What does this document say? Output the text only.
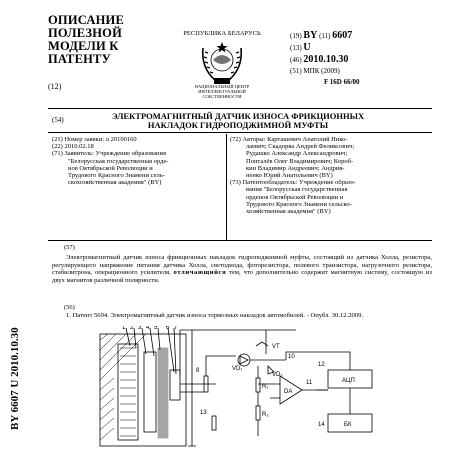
ОПИСАНИЕ
ПОЛЕЗНОЙ
МОДЕЛИ К
ПАТЕНТУ
(12)
РЕСПУБЛИКА БЕЛАРУСЬ
НАЦИОНАЛЬНЫЙ ЦЕНТР
ИНТЕЛЛЕКТУАЛЬНОЙ
СОБСТВЕННОСТИ
(19) BY (11) 6607
(13) U
(46) 2010.10.30
(51) МПК (2009)
F 16D 66/00
(54)	ЭЛЕКТРОМАГНИТНЫЙ ДАТЧИК ИЗНОСА ФРИКЦИОННЫХ
НАКЛАДОК ГИДРОПОДЖИМНОЙ МУФТЫ
(21) Номер заявки: u 20100160
(22) 2010.02.18
(71) Заявитель: Учреждение образования
"Белорусская государственная орде-
нов Октябрьской Революции и
Трудового Красного Знамени сель-
скохозяйственная академия" (BY)
(72) Авторы: Карташевич Анатолий Нико-
лаевич; Скадорва Андрей Феликсович;
Рудашко Александр Александрович;
Понталёв Олег Владимирович; Короб-
кин Владимир Андреевич; Андрия-
ненко Юрий Анатольевич (BY)
(73) Патентообладатель: Учреждение образо-
вания "Белорусская государственная
орденов Октябрьской Революции и
Трудового Красного Знамени сельско-
хозяйственная академия" (BY)
(57)
Электромагнитный датчик износа фрикционных накладок гидроподжимной муфты, состоящий из датчика Холла, резистора, регулирующего напряжение питания датчика Холла, светодиода, фоторезистора, полевого транзистора, нагрузочного резистора, стабилитрона, операционного усилителя, отличающийся тем, что дополнительно содержит магнитную систему, состоящую из двух магнитов различной полярности.
(56)
1. Патент 5694. Электромагнитный датчик износа тормозных накладок автомобилей. - Опубл. 30.12.2009.
BY 6607 U 2010.10.30	1 2 3 4 5 6 7
8
VT
VD₁
VD₂
R₁
R₂
DA
10
11
12
13
14
АЦП
БК
